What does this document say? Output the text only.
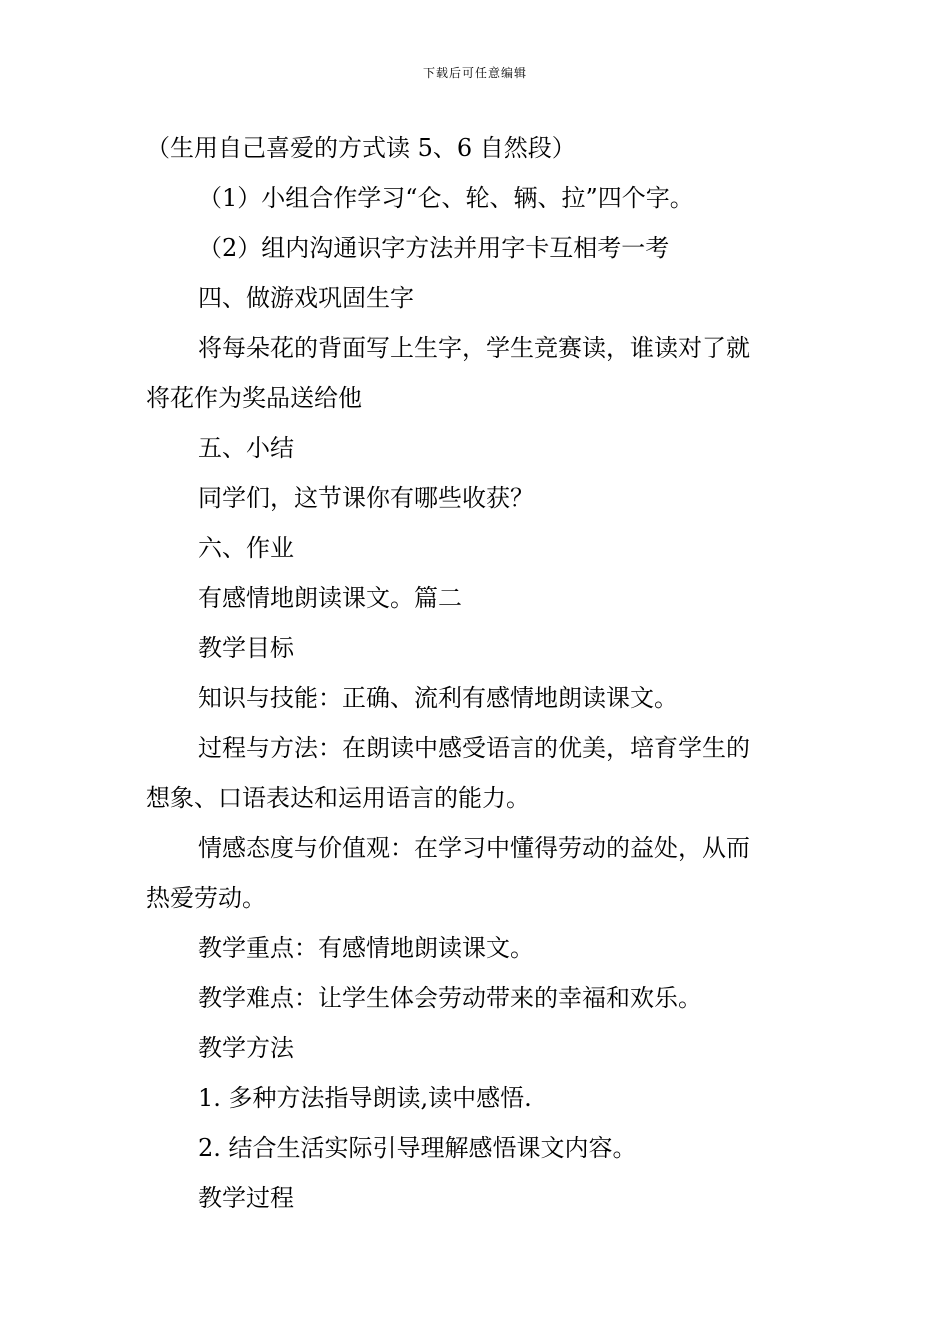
下载后可任意编辑
（生用自己喜爱的方式读 5、6 自然段）
（1）小组合作学习“仑、轮、辆、拉”四个字。
（2）组内沟通识字方法并用字卡互相考一考
四、做游戏巩固生字
将每朵花的背面写上生字，学生竞赛读，谁读对了就
将花作为奖品送给他
五、小结
同学们，这节课你有哪些收获？
六、作业
有感情地朗读课文。篇二
教学目标
知识与技能：正确、流利有感情地朗读课文。
过程与方法：在朗读中感受语言的优美，培育学生的
想象、口语表达和运用语言的能力。
情感态度与价值观：在学习中懂得劳动的益处，从而
热爱劳动。
教学重点：有感情地朗读课文。
教学难点：让学生体会劳动带来的幸福和欢乐。
教学方法
1. 多种方法指导朗读,读中感悟.
2. 结合生活实际引导理解感悟课文内容。
教学过程
